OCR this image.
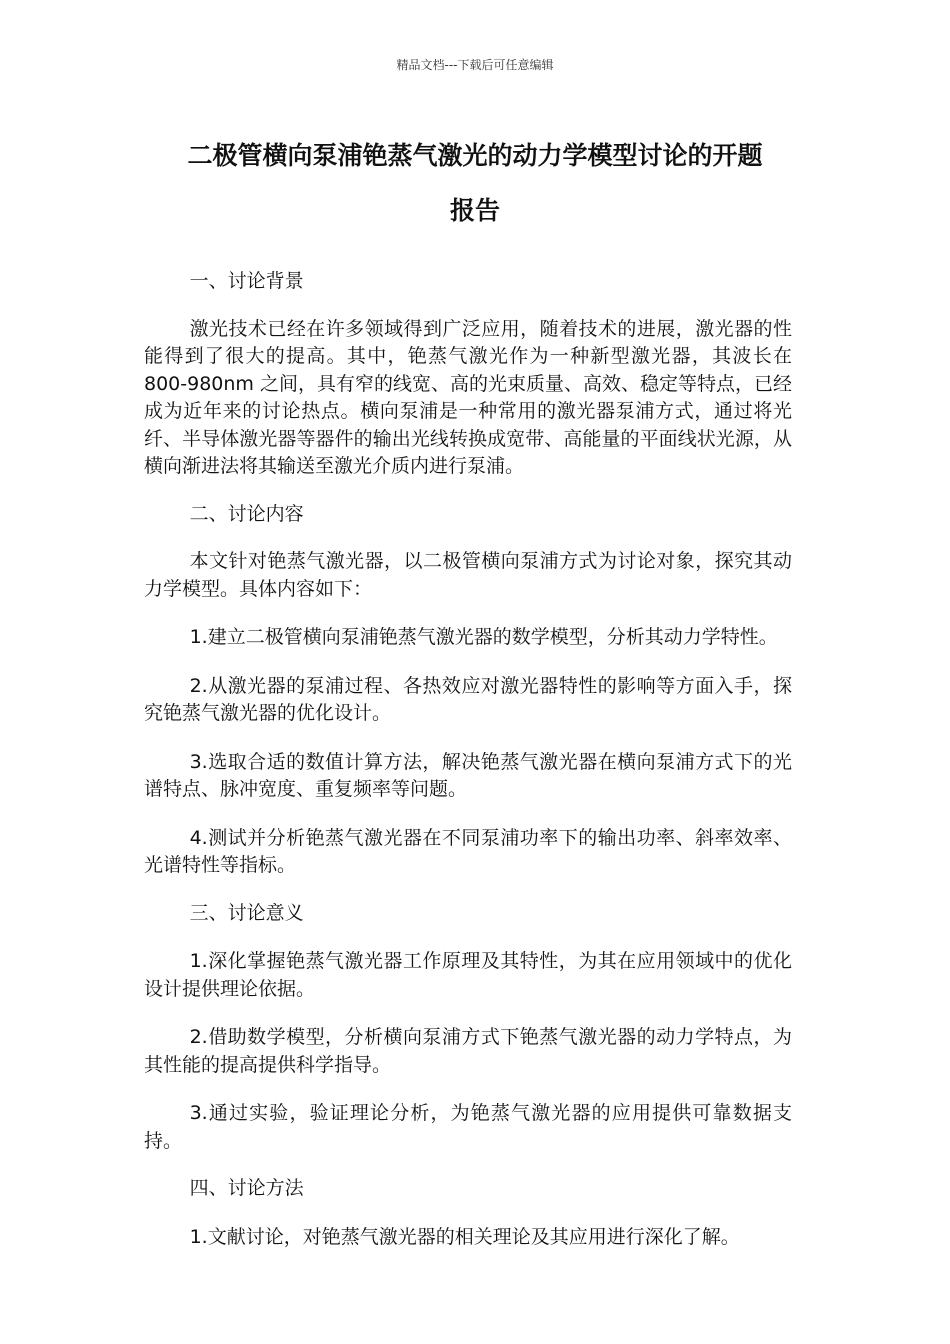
精品文档---下载后可任意编辑
二极管横向泵浦铯蒸气激光的动力学模型讨论的开题
报告

一、讨论背景

激光技术已经在许多领域得到广泛应用，随着技术的进展，激光器的性能得到了很大的提高。其中，铯蒸气激光作为一种新型激光器，其波长在 800-980nm 之间，具有窄的线宽、高的光束质量、高效、稳定等特点，已经成为近年来的讨论热点。横向泵浦是一种常用的激光器泵浦方式，通过将光纤、半导体激光器等器件的输出光线转换成宽带、高能量的平面线状光源，从横向渐进法将其输送至激光介质内进行泵浦。

二、讨论内容

本文针对铯蒸气激光器，以二极管横向泵浦方式为讨论对象，探究其动力学模型。具体内容如下：

1.建立二极管横向泵浦铯蒸气激光器的数学模型，分析其动力学特性。

2.从激光器的泵浦过程、各热效应对激光器特性的影响等方面入手，探究铯蒸气激光器的优化设计。

3.选取合适的数值计算方法，解决铯蒸气激光器在横向泵浦方式下的光谱特点、脉冲宽度、重复频率等问题。

4.测试并分析铯蒸气激光器在不同泵浦功率下的输出功率、斜率效率、光谱特性等指标。

三、讨论意义

1.深化掌握铯蒸气激光器工作原理及其特性，为其在应用领域中的优化设计提供理论依据。

2.借助数学模型，分析横向泵浦方式下铯蒸气激光器的动力学特点，为其性能的提高提供科学指导。

3.通过实验，验证理论分析，为铯蒸气激光器的应用提供可靠数据支持。

四、讨论方法

1.文献讨论，对铯蒸气激光器的相关理论及其应用进行深化了解。
